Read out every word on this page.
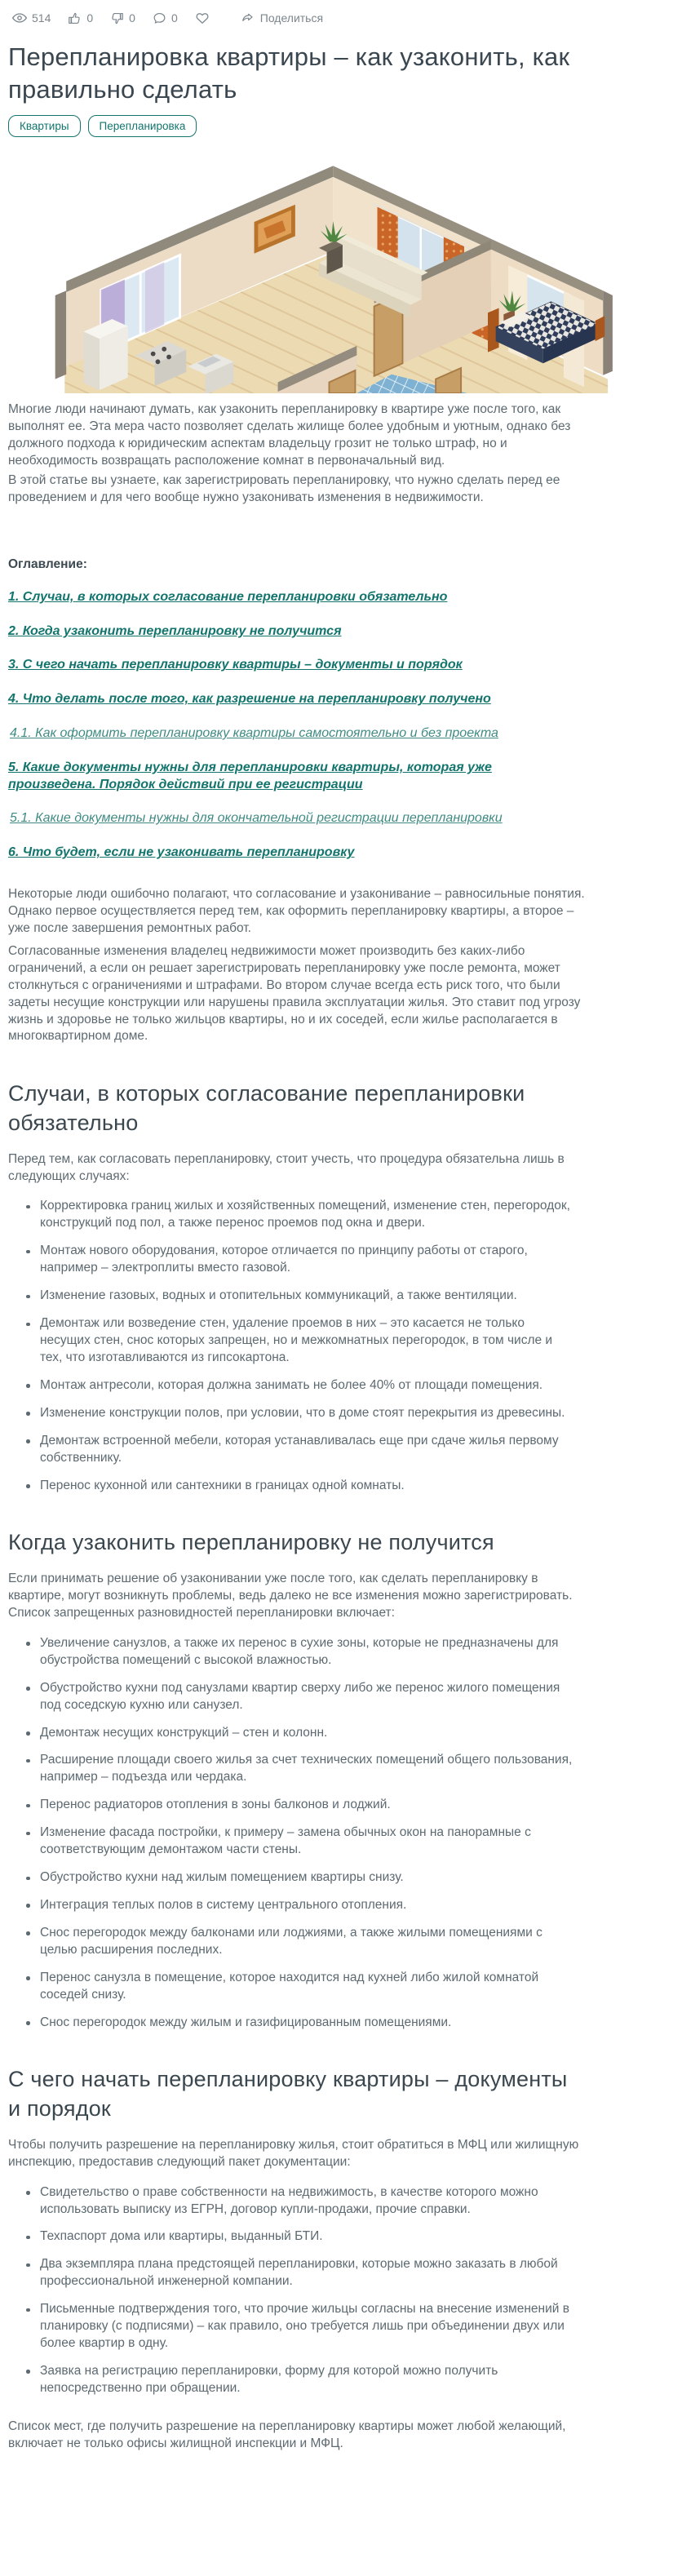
514	0	0	0	Поделиться
Перепланировка квартиры – как узаконить, как правильно сделать
Квартиры	Перепланировка

Многие люди начинают думать, как узаконить перепланировку в квартире уже после того, как выполнят ее. Эта мера часто позволяет сделать жилище более удобным и уютным, однако без должного подхода к юридическим аспектам владельцу грозит не только штраф, но и необходимость возвращать расположение комнат в первоначальный вид.

В этой статье вы узнаете, как зарегистрировать перепланировку, что нужно сделать перед ее проведением и для чего вообще нужно узаконивать изменения в недвижимости.

Оглавление:

1. Случаи, в которых согласование перепланировки обязательно
2. Когда узаконить перепланировку не получится
3. С чего начать перепланировку квартиры – документы и порядок
4. Что делать после того, как разрешение на перепланировку получено
4.1. Как оформить перепланировку квартиры самостоятельно и без проекта
5. Какие документы нужны для перепланировки квартиры, которая уже произведена. Порядок действий при ее регистрации
5.1. Какие документы нужны для окончательной регистрации перепланировки
6. Что будет, если не узаконивать перепланировку

Некоторые люди ошибочно полагают, что согласование и узаконивание – равносильные понятия. Однако первое осуществляется перед тем, как оформить перепланировку квартиры, а второе – уже после завершения ремонтных работ.

Согласованные изменения владелец недвижимости может производить без каких-либо ограничений, а если он решает зарегистрировать перепланировку уже после ремонта, может столкнуться с ограничениями и штрафами. Во втором случае всегда есть риск того, что были задеты несущие конструкции или нарушены правила эксплуатации жилья. Это ставит под угрозу жизнь и здоровье не только жильцов квартиры, но и их соседей, если жилье располагается в многоквартирном доме.

Случаи, в которых согласование перепланировки обязательно

Перед тем, как согласовать перепланировку, стоит учесть, что процедура обязательна лишь в следующих случаях:

Корректировка границ жилых и хозяйственных помещений, изменение стен, перегородок, конструкций под пол, а также перенос проемов под окна и двери.
Монтаж нового оборудования, которое отличается по принципу работы от старого, например – электроплиты вместо газовой.
Изменение газовых, водных и отопительных коммуникаций, а также вентиляции.
Демонтаж или возведение стен, удаление проемов в них – это касается не только несущих стен, снос которых запрещен, но и межкомнатных перегородок, в том числе и тех, что изготавливаются из гипсокартона.
Монтаж антресоли, которая должна занимать не более 40% от площади помещения.
Изменение конструкции полов, при условии, что в доме стоят перекрытия из древесины.
Демонтаж встроенной мебели, которая устанавливалась еще при сдаче жилья первому собственнику.
Перенос кухонной или сантехники в границах одной комнаты.
Когда узаконить перепланировку не получится

Если принимать решение об узаконивании уже после того, как сделать перепланировку в квартире, могут возникнуть проблемы, ведь далеко не все изменения можно зарегистрировать. Список запрещенных разновидностей перепланировки включает:

Увеличение санузлов, а также их перенос в сухие зоны, которые не предназначены для обустройства помещений с высокой влажностью.
Обустройство кухни под санузлами квартир сверху либо же перенос жилого помещения под соседскую кухню или санузел.
Демонтаж несущих конструкций – стен и колонн.
Расширение площади своего жилья за счет технических помещений общего пользования, например – подъезда или чердака.
Перенос радиаторов отопления в зоны балконов и лоджий.
Изменение фасада постройки, к примеру – замена обычных окон на панорамные с соответствующим демонтажом части стены.
Обустройство кухни над жилым помещением квартиры снизу.
Интеграция теплых полов в систему центрального отопления.
Снос перегородок между балконами или лоджиями, а также жилыми помещениями с целью расширения последних.
Перенос санузла в помещение, которое находится над кухней либо жилой комнатой соседей снизу.
Снос перегородок между жилым и газифицированным помещениями.
С чего начать перепланировку квартиры – документы и порядок

Чтобы получить разрешение на перепланировку жилья, стоит обратиться в МФЦ или жилищную инспекцию, предоставив следующий пакет документации:

Свидетельство о праве собственности на недвижимость, в качестве которого можно использовать выписку из ЕГРН, договор купли-продажи, прочие справки.
Техпаспорт дома или квартиры, выданный БТИ.
Два экземпляра плана предстоящей перепланировки, которые можно заказать в любой профессиональной инженерной компании.
Письменные подтверждения того, что прочие жильцы согласны на внесение изменений в планировку (с подписями) – как правило, оно требуется лишь при объединении двух или более квартир в одну.
Заявка на регистрацию перепланировки, форму для которой можно получить непосредственно при обращении.

Список мест, где получить разрешение на перепланировку квартиры может любой желающий, включает не только офисы жилищной инспекции и МФЦ.
